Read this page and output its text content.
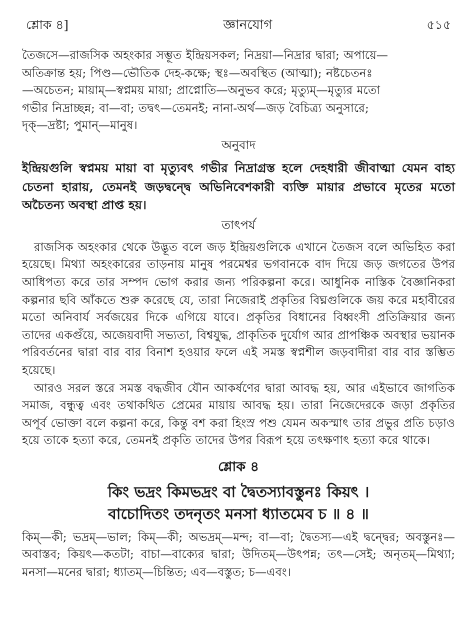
শ্লোক ৪]	জ্ঞানযোগ	৫১৫

তৈজসে—রাজসিক অহংকার সম্ভূত ইন্দ্রিয়সকল; নিদ্রয়া—নিদ্রার দ্বারা; অপায়ে—

অতিক্রান্ত হয়; পিণ্ড—ভৌতিক দেহ-কক্ষে; স্থঃ—অবস্থিত (আত্মা); নষ্টচেতনঃ

—অচেতন; মায়াম্—স্বপ্নময় মায়া; প্রাপ্নোতি—অনুভব করে; মৃত্যুম্—মৃত্যুর মতো

গভীর নিদ্রাচ্ছন্ন; বা—বা; তদ্বৎ—তেমনই; নানা-অর্থ—জড় বৈচিত্র্য অনুসারে;

দৃক্—দ্রষ্টা; পুমান্—মানুষ।

অনুবাদ

ইন্দ্রিয়গুলি স্বপ্নময় মায়া বা মৃত্যুবৎ গভীর নিদ্রাগ্রস্ত হলে দেহধারী জীবাত্মা যেমন বাহ্য চেতনা হারায়, তেমনই জড়দ্বন্দ্বে অভিনিবেশকারী ব্যক্তি মায়ার প্রভাবে মৃতের মতো অচৈতন্য অবস্থা প্রাপ্ত হয়।

তাৎপর্য

রাজসিক অহংকার থেকে উদ্ভূত বলে জড় ইন্দ্রিয়গুলিকে এখানে তৈজস বলে অভিহিত করা হয়েছে। মিথ্যা অহংকারের তাড়নায় মানুষ পরমেশ্বর ভগবানকে বাদ দিয়ে জড় জগতের উপর আধিপত্য করে তার সম্পদ ভোগ করার জন্য পরিকল্পনা করে। আধুনিক নাস্তিক বৈজ্ঞানিকরা কল্পনার ছবি আঁকতে শুরু করেছে যে, তারা নিজেরাই প্রকৃতির বিঘ্নগুলিকে জয় করে মহাবীরের মতো অনিবার্য সর্বজয়ের দিকে এগিয়ে যাবে। প্রকৃতির বিধানের বিধ্বংসী প্রতিক্রিয়ার জন্য তাদের একগুঁয়ে, অজেয়বাদী সভ্যতা, বিশ্বযুদ্ধ, প্রাকৃতিক দুর্যোগ আর প্রাপঞ্চিক অবস্থার ভয়ানক পরিবর্তনের দ্বারা বার বার বিনাশ হওয়ার ফলে এই সমস্ত স্বপ্নশীল জড়বাদীরা বার বার স্তম্ভিত হয়েছে।

আরও সরল স্তরে সমস্ত বদ্ধজীব যৌন আকর্ষণের দ্বারা আবদ্ধ হয়, আর এইভাবে জাগতিক সমাজ, বন্ধুত্ব এবং তথাকথিত প্রেমের মায়ায় আবদ্ধ হয়। তারা নিজেদেরকে জড়া প্রকৃতির অপূর্ব ভোক্তা বলে কল্পনা করে, কিন্তু বশ করা হিংস্র পশু যেমন অকস্মাৎ তার প্রভুর প্রতি চড়াও হয়ে তাকে হত্যা করে, তেমনই প্রকৃতি তাদের উপর বিরূপ হয়ে তৎক্ষণাৎ হত্যা করে থাকে।

শ্লোক ৪

কিং ভদ্রং কিমভদ্রং বা দ্বৈতস্যাবস্তুনঃ কিয়ৎ ।

বাচোদিতং তদনৃতং মনসা ধ্যাতমেব চ ॥ ৪ ॥

কিম্—কী; ভদ্রম্—ভাল; কিম্—কী; অভদ্রম্—মন্দ; বা—বা; দ্বৈতস্য—এই দ্বন্দ্বের; অবস্তুনঃ—অবাস্তব; কিয়ৎ—কতটা; বাচা—বাক্যের দ্বারা; উদিতম্—উৎপন্ন; তৎ—সেই; অনৃতম্—মিথ্যা; মনসা—মনের দ্বারা; ধ্যাতম্—চিন্তিত; এব—বস্তুত; চ—এবং।
